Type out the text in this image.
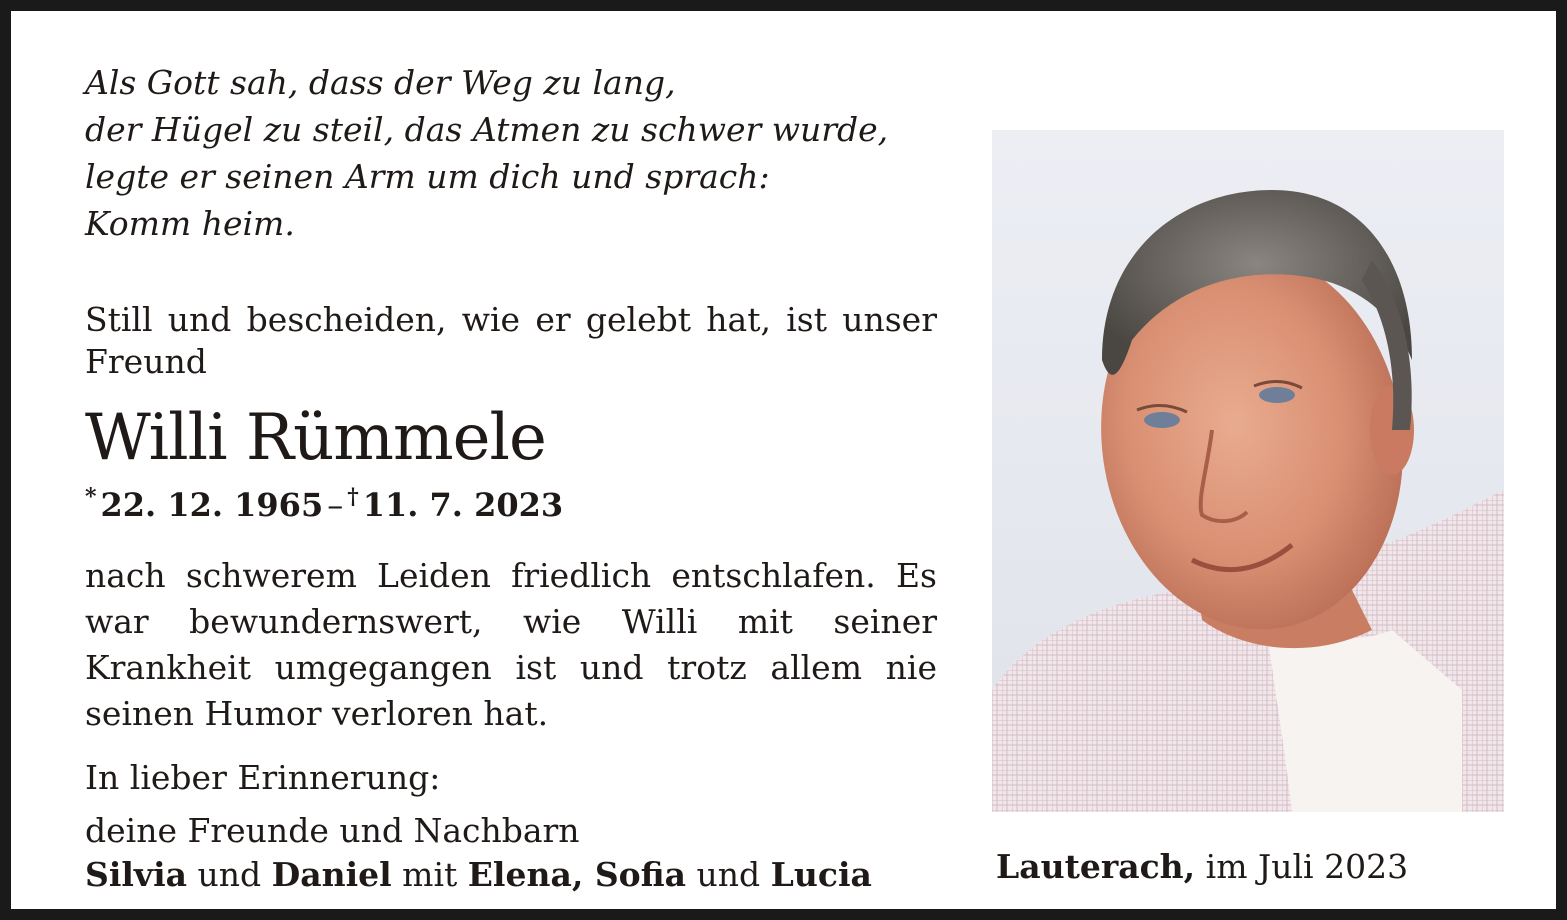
Als Gott sah, dass der Weg zu lang,
der Hügel zu steil, das Atmen zu schwer wurde,
legte er seinen Arm um dich und sprach:
Komm heim.

Still und bescheiden, wie er gelebt hat, ist unser Freund
Willi Rümmele
* 22. 12. 1965 – † 11. 7. 2023
nach schwerem Leiden friedlich entschlafen. Es war bewundernswert, wie Willi mit seiner Krankheit umgegangen ist und trotz allem nie seinen Humor verloren hat.
In lieber Erinnerung:
deine Freunde und Nachbarn
Silvia und Daniel mit Elena, Sofia und Lucia	Lauterach, im Juli 2023
